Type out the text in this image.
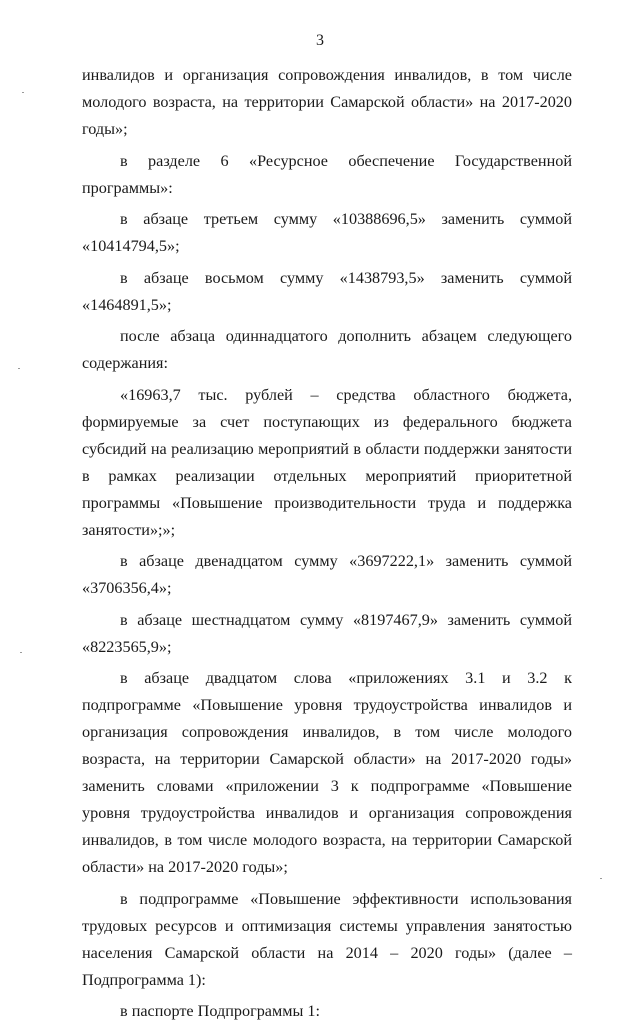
3

инвалидов и организация сопровождения инвалидов, в том числе молодого возраста, на территории Самарской области» на 2017-2020 годы»;

в разделе 6 «Ресурсное обеспечение Государственной программы»:

в абзаце третьем сумму «10388696,5» заменить суммой «10414794,5»;

в абзаце восьмом сумму «1438793,5» заменить суммой «1464891,5»;

после абзаца одиннадцатого дополнить абзацем следующего содержания:

«16963,7 тыс. рублей – средства областного бюджета, формируемые за счет поступающих из федерального бюджета субсидий на реализацию мероприятий в области поддержки занятости в рамках реализации отдельных мероприятий приоритетной программы «Повышение производительности труда и поддержка занятости»;»;

в абзаце двенадцатом сумму «3697222,1» заменить суммой «3706356,4»;

в абзаце шестнадцатом сумму «8197467,9» заменить суммой «8223565,9»;

в абзаце двадцатом слова «приложениях 3.1 и 3.2 к подпрограмме «Повышение уровня трудоустройства инвалидов и организация сопровождения инвалидов, в том числе молодого возраста, на территории Самарской области» на 2017-2020 годы» заменить словами «приложении 3 к подпрограмме «Повышение уровня трудоустройства инвалидов и организация сопровождения инвалидов, в том числе молодого возраста, на территории Самарской области» на 2017-2020 годы»;

в подпрограмме «Повышение эффективности использования трудовых ресурсов и оптимизация системы управления занятостью населения Самарской области на 2014 – 2020 годы» (далее – Подпрограмма 1):

в паспорте Подпрограммы 1:
